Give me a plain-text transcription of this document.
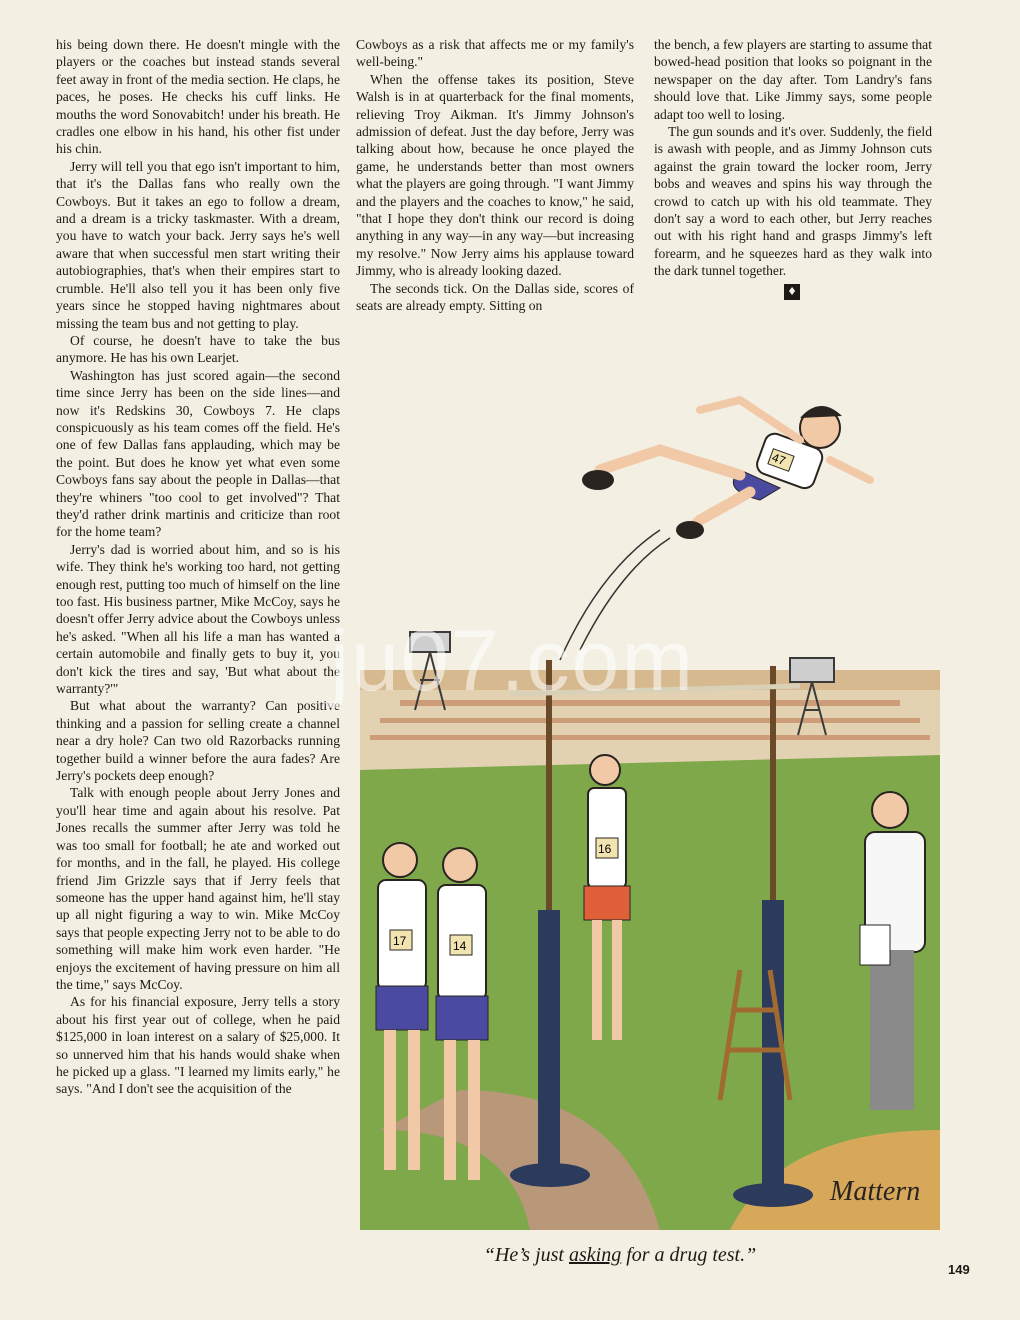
his being down there. He doesn't mingle with the players or the coaches but instead stands several feet away in front of the media section. He claps, he paces, he poses. He checks his cuff links. He mouths the word Sonovabitch! under his breath. He cradles one elbow in his hand, his other fist under his chin.

Jerry will tell you that ego isn't important to him, that it's the Dallas fans who really own the Cowboys. But it takes an ego to follow a dream, and a dream is a tricky taskmaster. With a dream, you have to watch your back. Jerry says he's well aware that when successful men start writing their autobiographies, that's when their empires start to crumble. He'll also tell you it has been only five years since he stopped having nightmares about missing the team bus and not getting to play.

Of course, he doesn't have to take the bus anymore. He has his own Learjet.

Washington has just scored again—the second time since Jerry has been on the side lines—and now it's Redskins 30, Cowboys 7. He claps conspicuously as his team comes off the field. He's one of few Dallas fans applauding, which may be the point. But does he know yet what even some Cowboys fans say about the people in Dallas—that they're whiners "too cool to get involved"? That they'd rather drink martinis and criticize than root for the home team?

Jerry's dad is worried about him, and so is his wife. They think he's working too hard, not getting enough rest, putting too much of himself on the line too fast. His business partner, Mike McCoy, says he doesn't offer Jerry advice about the Cowboys unless he's asked. "When all his life a man has wanted a certain automobile and finally gets to buy it, you don't kick the tires and say, 'But what about the warranty?'"

But what about the warranty? Can positive thinking and a passion for selling create a channel near a dry hole? Can two old Razorbacks running together build a winner before the aura fades? Are Jerry's pockets deep enough?

Talk with enough people about Jerry Jones and you'll hear time and again about his resolve. Pat Jones recalls the summer after Jerry was told he was too small for football; he ate and worked out for months, and in the fall, he played. His college friend Jim Grizzle says that if Jerry feels that someone has the upper hand against him, he'll stay up all night figuring a way to win. Mike McCoy says that people expecting Jerry not to be able to do something will make him work even harder. "He enjoys the excitement of having pressure on him all the time," says McCoy.

As for his financial exposure, Jerry tells a story about his first year out of college, when he paid $125,000 in loan interest on a salary of $25,000. It so unnerved him that his hands would shake when he picked up a glass. "I learned my limits early," he says. "And I don't see the acquisition of the

Cowboys as a risk that affects me or my family's well-being."

When the offense takes its position, Steve Walsh is in at quarterback for the final moments, relieving Troy Aikman. It's Jimmy Johnson's admission of defeat. Just the day before, Jerry was talking about how, because he once played the game, he understands better than most owners what the players are going through. "I want Jimmy and the players and the coaches to know," he said, "that I hope they don't think our record is doing anything in any way—in any way—but increasing my resolve." Now Jerry aims his applause toward Jimmy, who is already looking dazed.

The seconds tick. On the Dallas side, scores of seats are already empty. Sitting on

the bench, a few players are starting to assume that bowed-head position that looks so poignant in the newspaper on the day after. Tom Landry's fans should love that. Like Jimmy says, some people adapt too well to losing.

The gun sounds and it's over. Suddenly, the field is awash with people, and as Jimmy Johnson cuts against the grain toward the locker room, Jerry bobs and weaves and spins his way through the crowd to catch up with his old teammate. They don't say a word to each other, but Jerry reaches out with his right hand and grasps Jimmy's left forearm, and he squeezes hard as they walk into the dark tunnel together.

♦
47
17	14
16
Mattern
ju07.com
“He’s just asking for a drug test.”
149
